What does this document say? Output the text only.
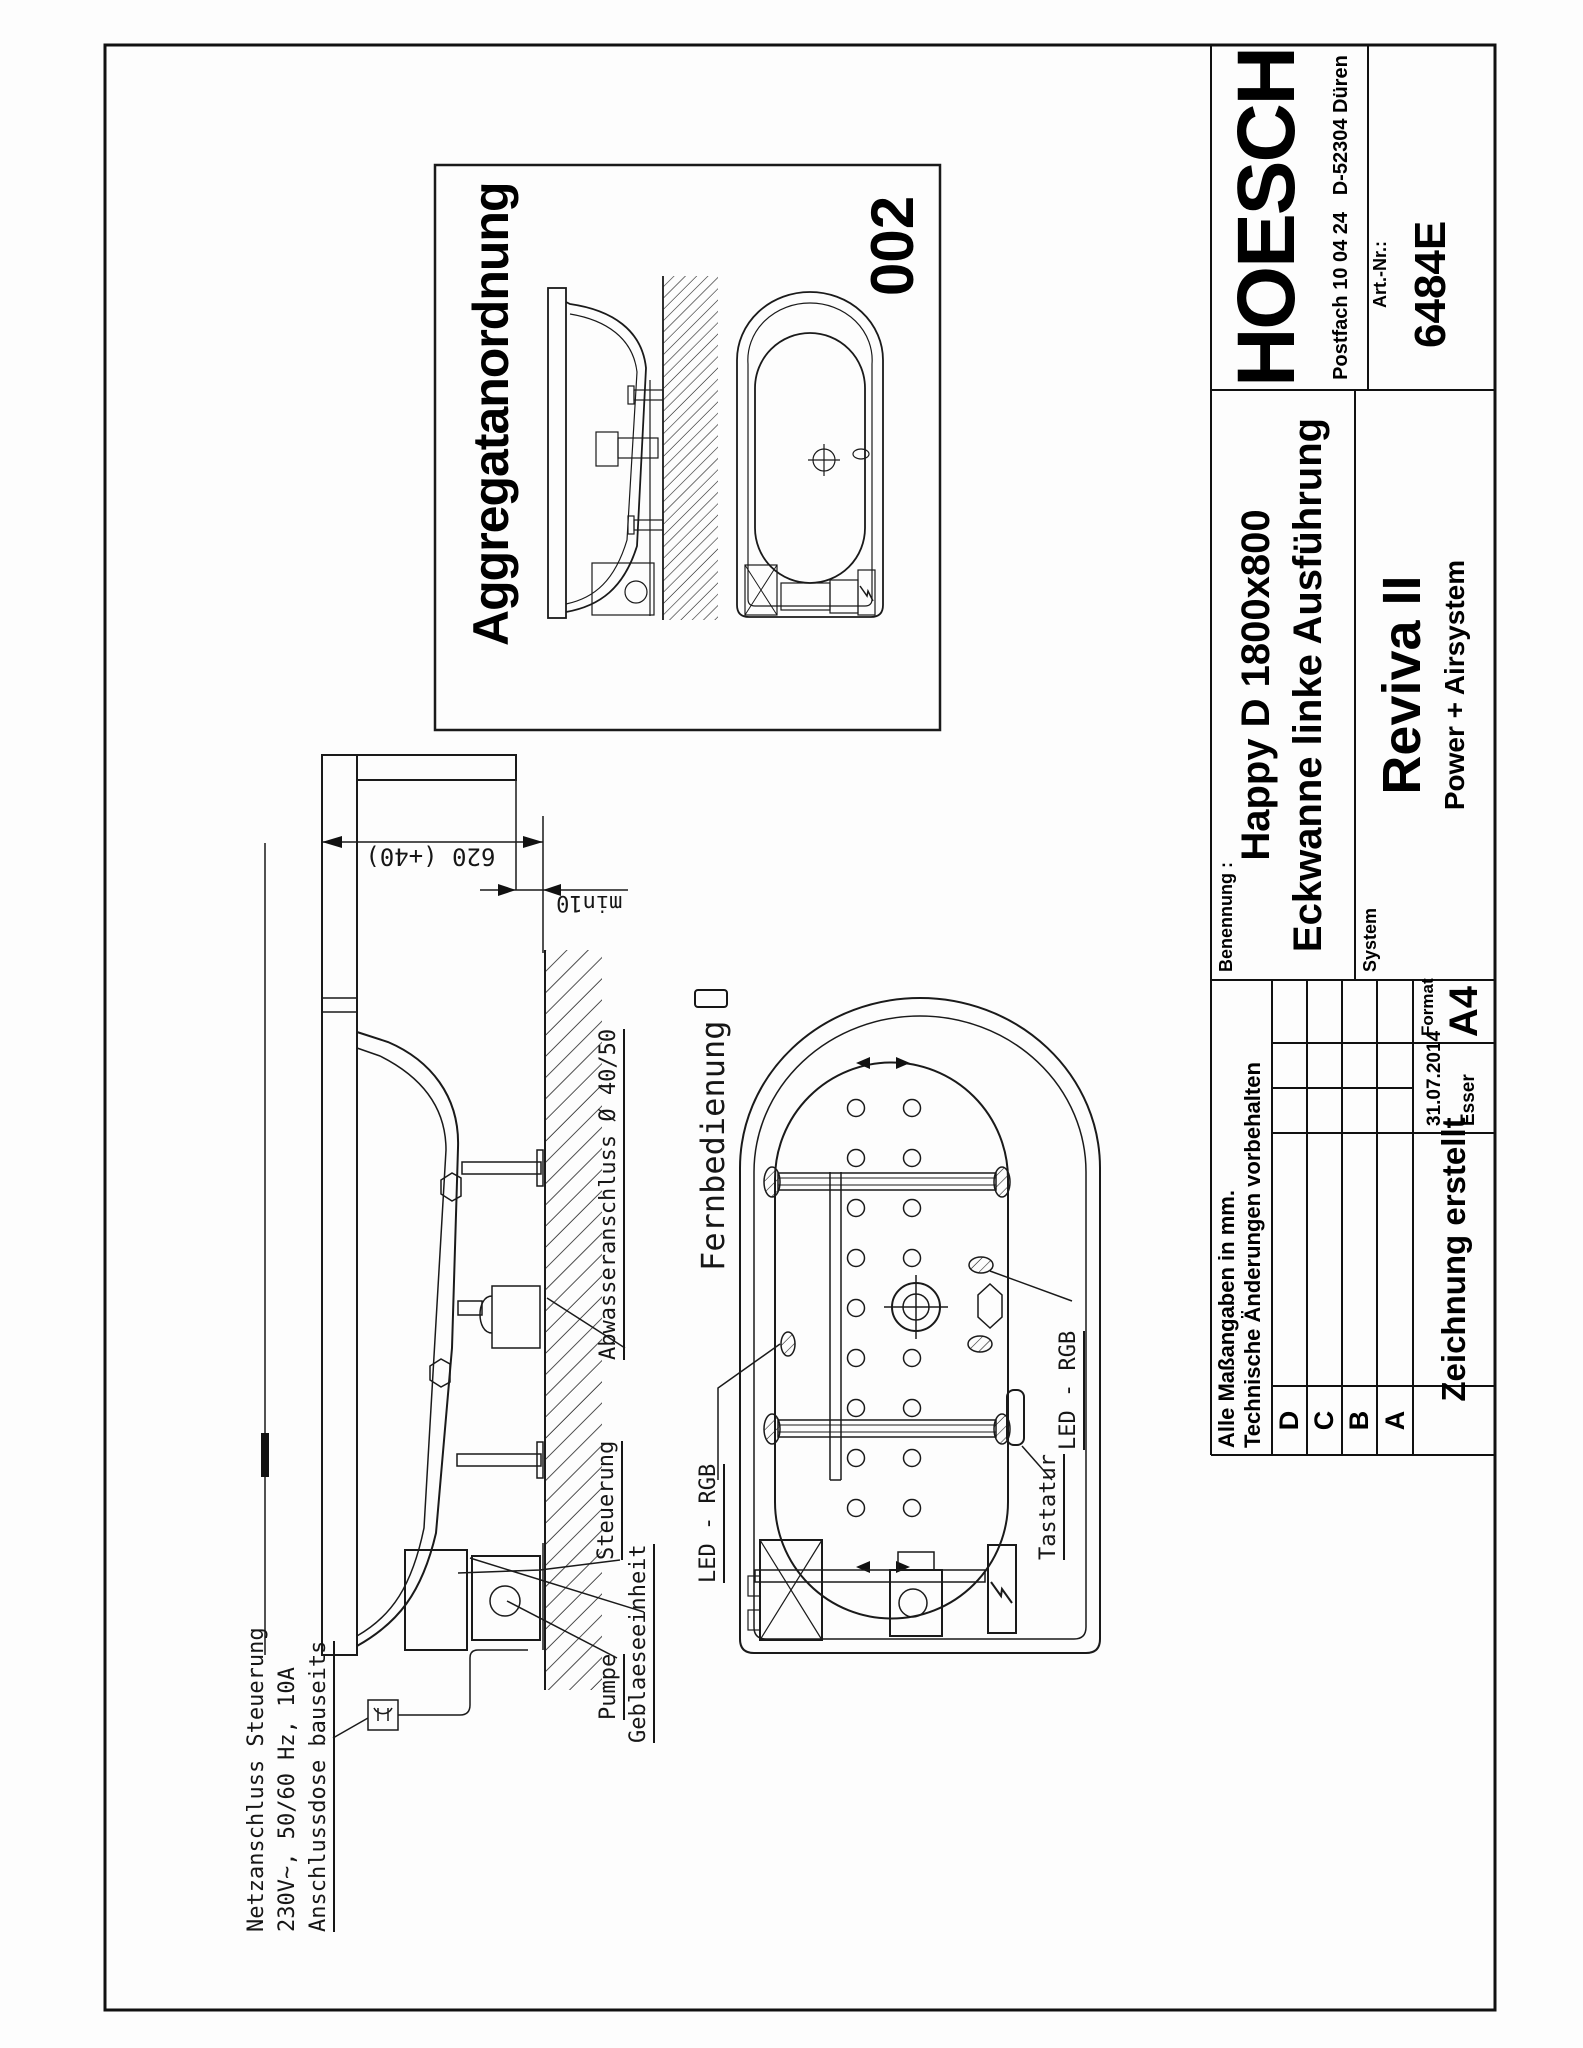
Netzanschluss Steuerung 230V~, 50/60 Hz, 10A Anschlussdose bauseits
Steuerung
Pumpe Geblaeseeinheit
Abwasseranschluss Ø 40/50
620 (+40)
min10

Fernbedienung

LED - RGB
LED - RGB
Tastatur
Aggregatanordnung	002
Alle Maßangaben in mm. Technische Änderungen vorbehalten D C B A
Zeichnung erstellt
31.07.2014 Esser
Format A4
Benennung :
Happy D 1800x800 Eckwanne linke Ausführung System
Reviva II Power + Airsystem
HOESCH Postfach 10 04 24   D-52304 Düren Art.-Nr.: 6484E
